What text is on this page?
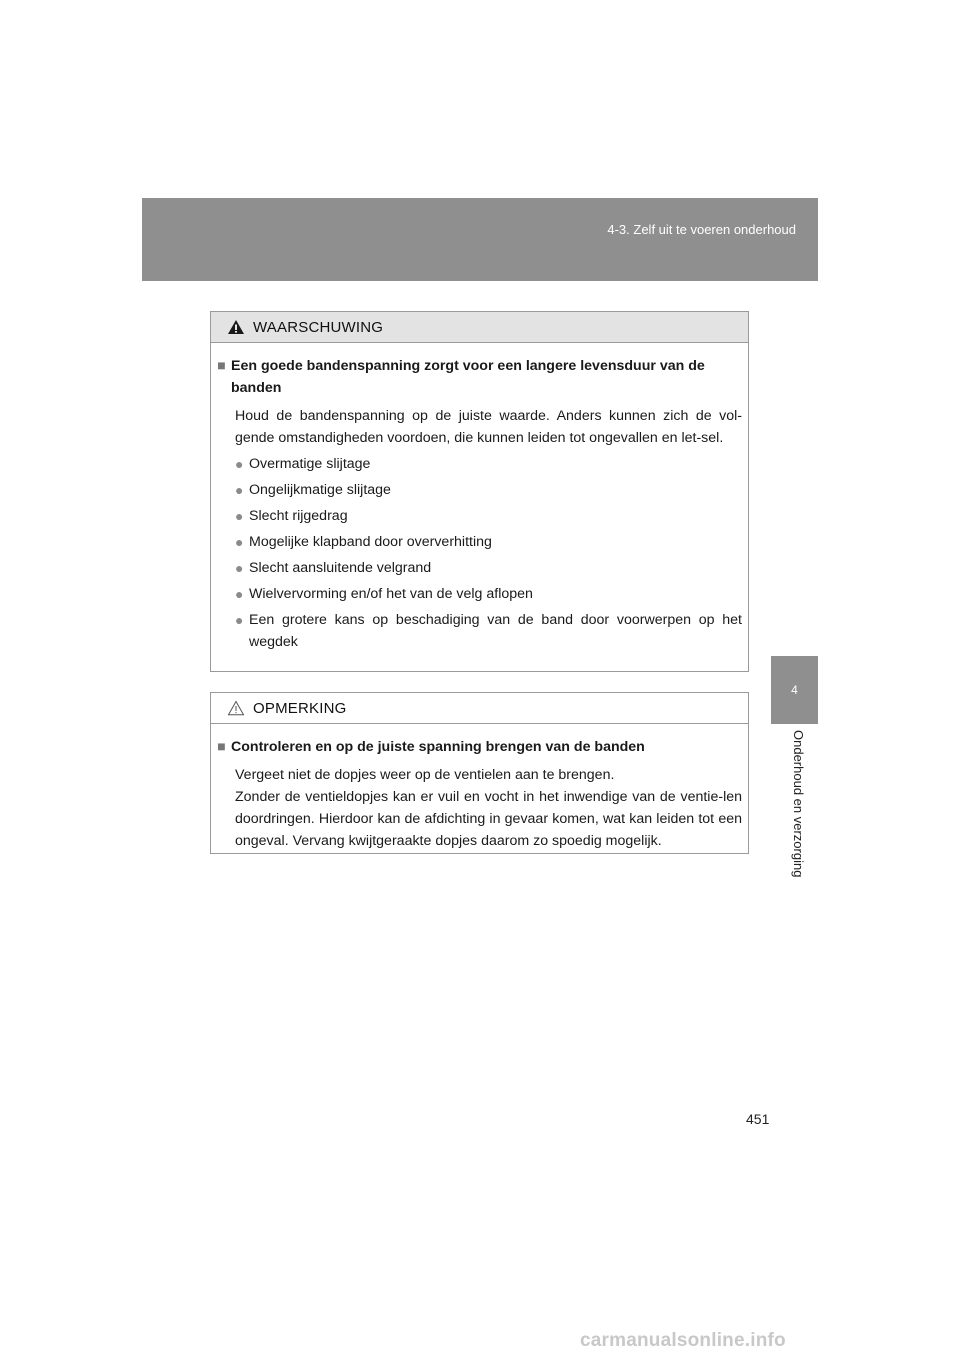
4-3. Zelf uit te voeren onderhoud
4
Onderhoud en verzorging
WAARSCHUWING
■ Een goede bandenspanning zorgt voor een langere levensduur van de banden
Houd de bandenspanning op de juiste waarde. Anders kunnen zich de vol-gende omstandigheden voordoen, die kunnen leiden tot ongevallen en let-sel.
● Overmatige slijtage
● Ongelijkmatige slijtage
● Slecht rijgedrag
● Mogelijke klapband door oververhitting
● Slecht aansluitende velgrand
● Wielvervorming en/of het van de velg aflopen
● Een grotere kans op beschadiging van de band door voorwerpen op het wegdek
OPMERKING
■ Controleren en op de juiste spanning brengen van de banden
Vergeet niet de dopjes weer op de ventielen aan te brengen.
Zonder de ventieldopjes kan er vuil en vocht in het inwendige van de ventie-len doordringen. Hierdoor kan de afdichting in gevaar komen, wat kan leiden tot een ongeval. Vervang kwijtgeraakte dopjes daarom zo spoedig mogelijk.
451
carmanualsonline.info
